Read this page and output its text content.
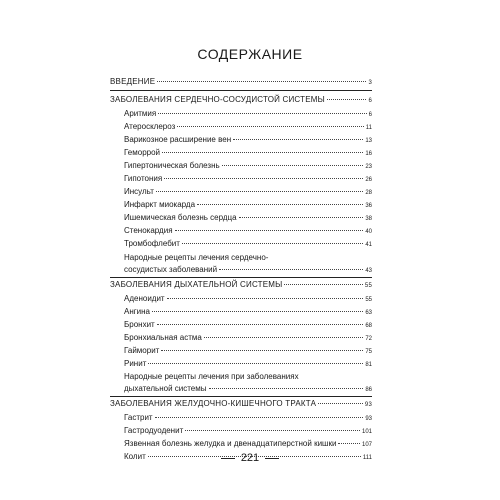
СОДЕРЖАНИЕ
ВВЕДЕНИЕ	3
ЗАБОЛЕВАНИЯ СЕРДЕЧНО-СОСУДИСТОЙ СИСТЕМЫ	6
Аритмия	6
Атеросклероз	11
Варикозное расширение вен	13
Геморрой	16
Гипертоническая болезнь	23
Гипотония	26
Инсульт	28
Инфаркт миокарда	36
Ишемическая болезнь сердца	38
Стенокардия	40
Тромбофлебит	41
Народные рецепты лечения сердечно-
сосудистых заболеваний	43
ЗАБОЛЕВАНИЯ ДЫХАТЕЛЬНОЙ СИСТЕМЫ	55
Аденоидит	55
Ангина	63
Бронхит	68
Бронхиальная астма	72
Гайморит	75
Ринит	81
Народные рецепты лечения при заболеваниях
дыхательной системы	86
ЗАБОЛЕВАНИЯ ЖЕЛУДОЧНО-КИШЕЧНОГО ТРАКТА	93
Гастрит	93
Гастродуоденит	101
Язвенная болезнь желудка и двенадцатиперстной кишки	107
Колит	111
221
